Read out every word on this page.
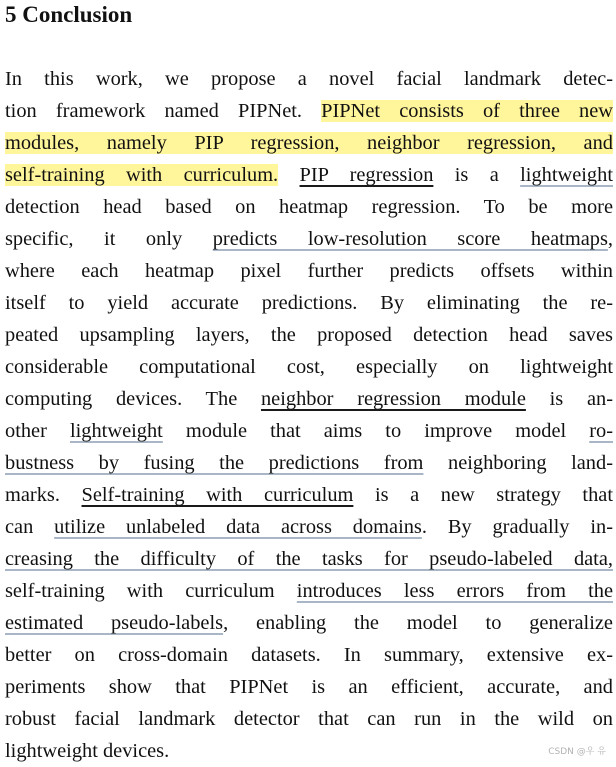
5 Conclusion
In this work, we propose a novel facial landmark detec-
tion framework named PIPNet. PIPNet consists of three new
modules, namely PIP regression, neighbor regression, and
self-training with curriculum. PIP regression is a lightweight
detection head based on heatmap regression. To be more
specific, it only predicts low-resolution score heatmaps,
where each heatmap pixel further predicts offsets within
itself to yield accurate predictions. By eliminating the re-
peated upsampling layers, the proposed detection head saves
considerable computational cost, especially on lightweight
computing devices. The neighbor regression module is an-
other lightweight module that aims to improve model ro-
bustness by fusing the predictions from neighboring land-
marks. Self-training with curriculum is a new strategy that
can utilize unlabeled data across domains. By gradually in-
creasing the difficulty of the tasks for pseudo-labeled data,
self-training with curriculum introduces less errors from the
estimated pseudo-labels, enabling the model to generalize
better on cross-domain datasets. In summary, extensive ex-
periments show that PIPNet is an efficient, accurate, and
robust facial landmark detector that can run in the wild on
lightweight devices.	CSDN @우 유
